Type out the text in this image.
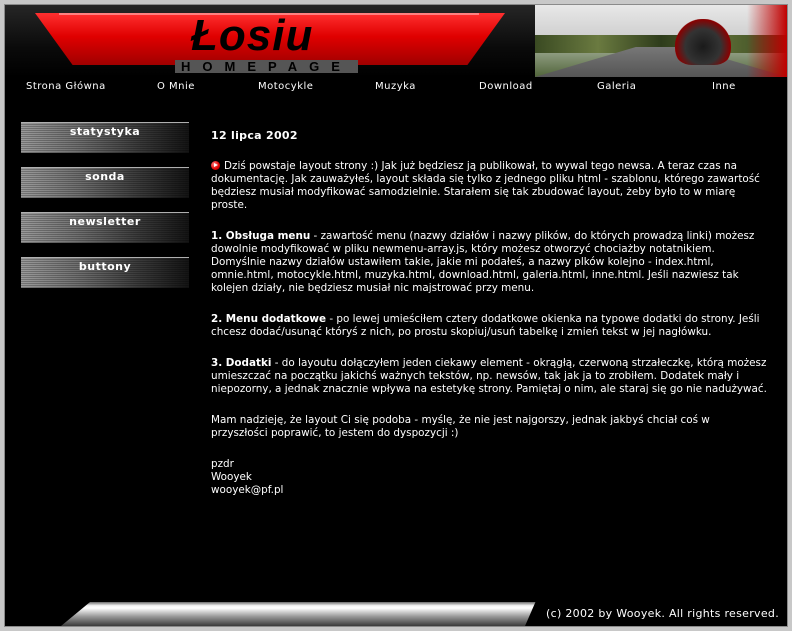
Łosiu
HOMEPAGE
Strona Główna	O Mnie	Motocykle	Muzyka	Download	Galeria	Inne
statystyka
sonda
newsletter
buttony
12 lipca 2002

Dziś powstaje layout strony :) Jak już będziesz ją publikował, to wywal tego newsa. A teraz czas na dokumentację. Jak zauważyłeś, layout składa się tylko z jednego pliku html - szablonu, którego zawartość będziesz musiał modyfikować samodzielnie. Starałem się tak zbudować layout, żeby było to w miarę proste.

1. Obsługa menu - zawartość menu (nazwy działów i nazwy plików, do których prowadzą linki) możesz dowolnie modyfikować w pliku newmenu-array.js, który możesz otworzyć chociażby notatnikiem. Domyślnie nazwy działów ustawiłem takie, jakie mi podałeś, a nazwy plków kolejno - index.html, omnie.html, motocykle.html, muzyka.html, download.html, galeria.html, inne.html. Jeśli nazwiesz tak kolejen działy, nie będziesz musiał nic majstrować przy menu.

2. Menu dodatkowe - po lewej umieściłem cztery dodatkowe okienka na typowe dodatki do strony. Jeśli chcesz dodać/usunąć któryś z nich, po prostu skopiuj/usuń tabelkę i zmień tekst w jej nagłówku.

3. Dodatki - do layoutu dołączyłem jeden ciekawy element - okrągłą, czerwoną strzałeczkę, którą możesz umieszczać na początku jakichś ważnych tekstów, np. newsów, tak jak ja to zrobiłem. Dodatek mały i niepozorny, a jednak znacznie wpływa na estetykę strony. Pamiętaj o nim, ale staraj się go nie nadużywać.

Mam nadzieję, że layout Ci się podoba - myślę, że nie jest najgorszy, jednak jakbyś chciał coś w przyszłości poprawić, to jestem do dyspozycji :)

pzdr
Wooyek
wooyek@pf.pl
(c) 2002 by Wooyek. All rights reserved.
